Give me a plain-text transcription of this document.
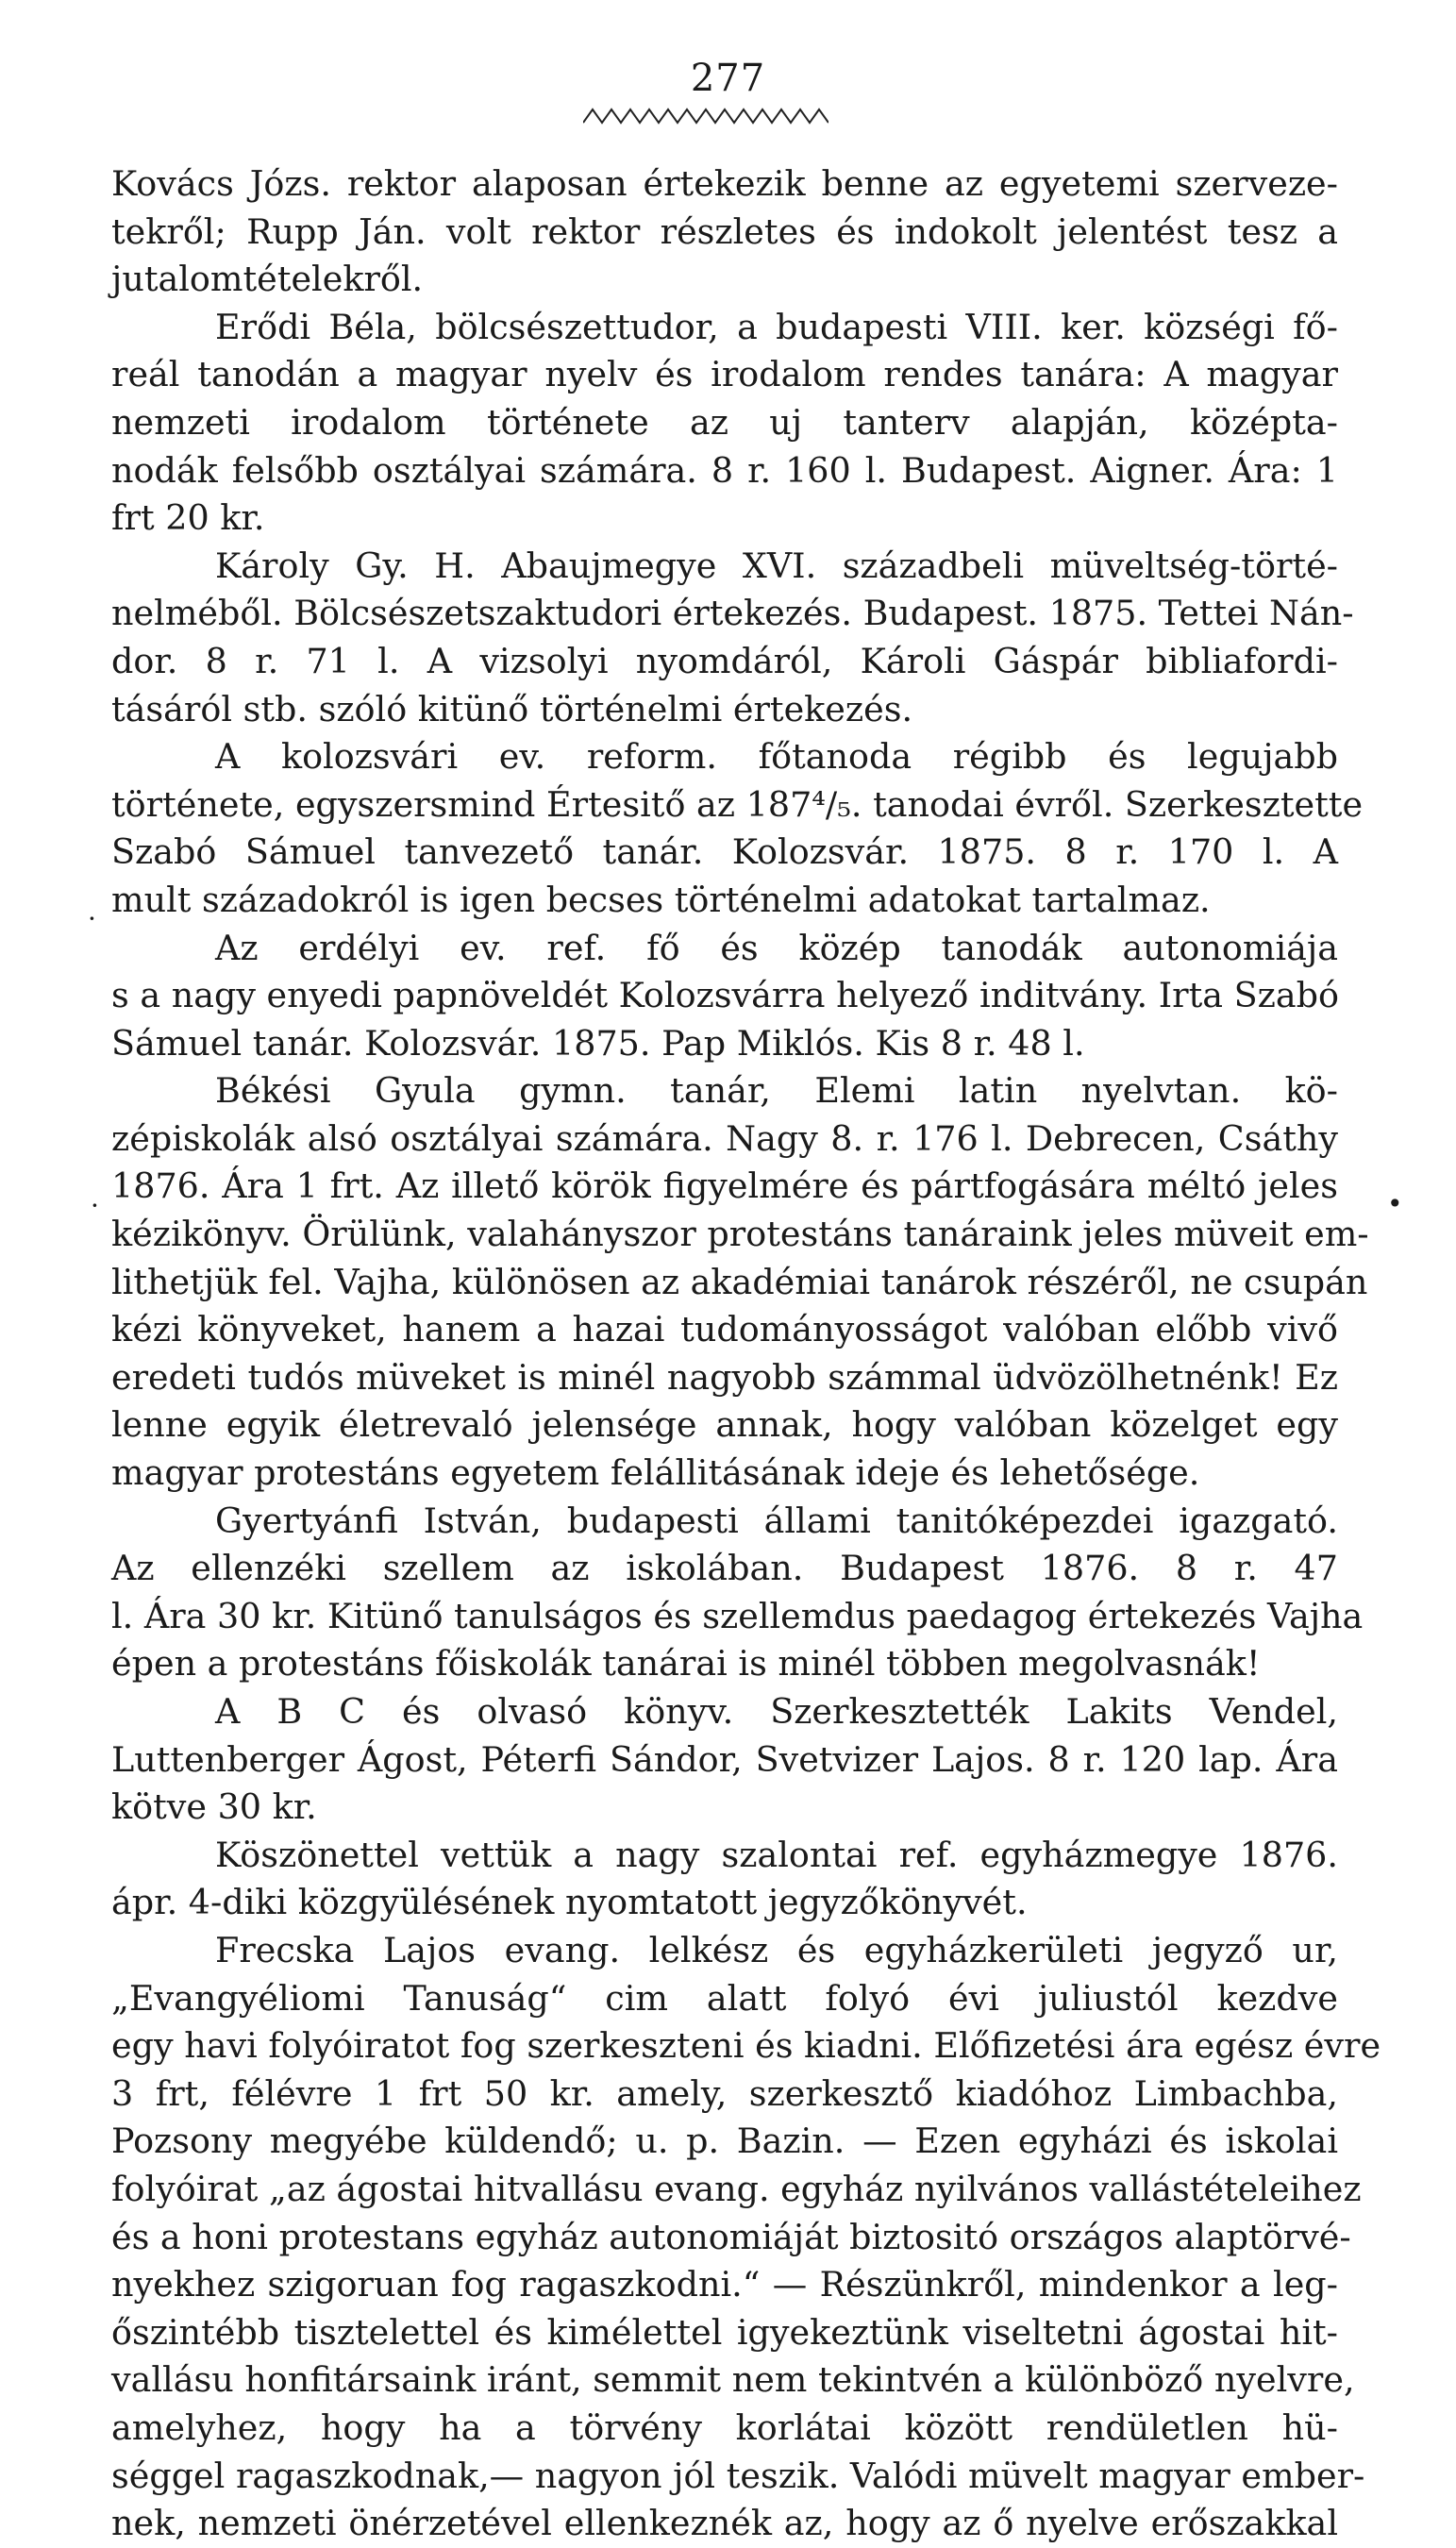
277
Kovács Józs. rektor alaposan értekezik benne az egyetemi szerveze-
tekről; Rupp Ján. volt rektor részletes és indokolt jelentést tesz a
jutalomtételekről.
Erődi Béla, bölcsészettudor, a budapesti VIII. ker. községi fő-
reál tanodán a magyar nyelv és irodalom rendes tanára: A magyar
nemzeti irodalom története az uj tanterv alapján, középta-
nodák felsőbb osztályai számára. 8 r. 160 l. Budapest. Aigner. Ára: 1
frt 20 kr.
Károly Gy. H. Abaujmegye XVI. századbeli müveltség-törté-
nelméből. Bölcsészetszaktudori értekezés. Budapest. 1875. Tettei Nán-
dor. 8 r. 71 l. A vizsolyi nyomdáról, Károli Gáspár bibliafordi-
tásáról stb. szóló kitünő történelmi értekezés.
A kolozsvári ev. reform. főtanoda régibb és legujabb
története, egyszersmind Értesitő az 187⁴/₅. tanodai évről. Szerkesztette
Szabó Sámuel tanvezető tanár. Kolozsvár. 1875. 8 r. 170 l. A
mult századokról is igen becses történelmi adatokat tartalmaz.
Az erdélyi ev. ref. fő és közép tanodák autonomiája
s a nagy enyedi papnöveldét Kolozsvárra helyező inditvány. Irta Szabó
Sámuel tanár. Kolozsvár. 1875. Pap Miklós. Kis 8 r. 48 l.
Békési Gyula gymn. tanár, Elemi latin nyelvtan. kö-
zépiskolák alsó osztályai számára. Nagy 8. r. 176 l. Debrecen, Csáthy
1876. Ára 1 frt. Az illető körök figyelmére és pártfogására méltó jeles
kézikönyv. Örülünk, valahányszor protestáns tanáraink jeles müveit em-
lithetjük fel. Vajha, különösen az akadémiai tanárok részéről, ne csupán
kézi könyveket, hanem a hazai tudományosságot valóban előbb vivő
eredeti tudós müveket is minél nagyobb számmal üdvözölhetnénk! Ez
lenne egyik életrevaló jelensége annak, hogy valóban közelget egy
magyar protestáns egyetem felállitásának ideje és lehetősége.
Gyertyánfi István, budapesti állami tanitóképezdei igazgató.
Az ellenzéki szellem az iskolában. Budapest 1876. 8 r. 47
l. Ára 30 kr. Kitünő tanulságos és szellemdus paedagog értekezés Vajha
épen a protestáns főiskolák tanárai is minél többen megolvasnák!
A B C és olvasó könyv. Szerkesztették Lakits Vendel,
Luttenberger Ágost, Péterfi Sándor, Svetvizer Lajos. 8 r. 120 lap. Ára
kötve 30 kr.
Köszönettel vettük a nagy szalontai ref. egyházmegye 1876.
ápr. 4-diki közgyülésének nyomtatott jegyzőkönyvét.
Frecska Lajos evang. lelkész és egyházkerületi jegyző ur,
„Evangyéliomi Tanuság“ cim alatt folyó évi juliustól kezdve
egy havi folyóiratot fog szerkeszteni és kiadni. Előfizetési ára egész évre
3 frt, félévre 1 frt 50 kr. amely, szerkesztő kiadóhoz Limbachba,
Pozsony megyébe küldendő; u. p. Bazin. — Ezen egyházi és iskolai
folyóirat „az ágostai hitvallásu evang. egyház nyilvános vallástételeihez
és a honi protestans egyház autonomiáját biztositó országos alaptörvé-
nyekhez szigoruan fog ragaszkodni.“ — Részünkről, mindenkor a leg-
őszintébb tisztelettel és kimélettel igyekeztünk viseltetni ágostai hit-
vallásu honfitársaink iránt, semmit nem tekintvén a különböző nyelvre,
amelyhez, hogy ha a törvény korlátai között rendületlen hü-
séggel ragaszkodnak,— nagyon jól teszik. Valódi müvelt magyar ember-
nek, nemzeti önérzetével ellenkeznék az, hogy az ő nyelve erőszakkal
·
·	•
